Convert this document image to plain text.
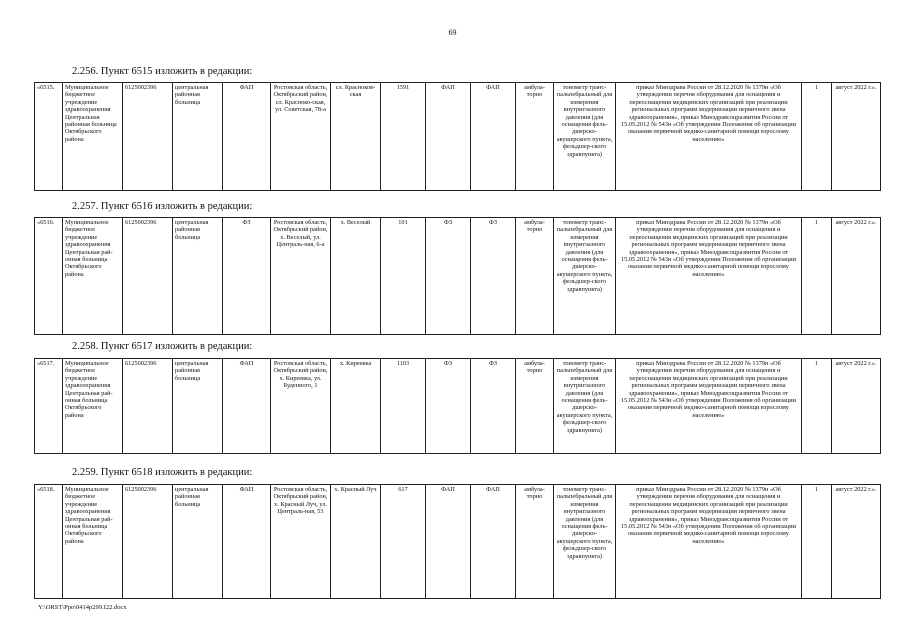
69
2.256. Пункт 6515 изложить в редакции:
«6515.	Муниципальное бюджетное учреждение здравоохранения Центральная районная больница Октябрьского района	6125002396	центральная районная больница	ФАП	Ростовская область, Октябрьский район, сл. Красноко-ская, ул. Советская, 78-а	сл. Красноков-ская	1591	ФАП	ФАП	амбула-торно	тонометр транс-пальпебральный для измерения внутриглазного давления (для оснащения фель-дшерско-акушерского пункта, фельдшер-ского здравпункта)	приказ Минздрава России от 28.12.2020 № 1379н «Об утверждении перечня оборудования для оснащения и переоснащения медицинских организаций при реализации региональных программ модернизации первичного звена здравоохранения», приказ Минздравсоцразвития России от 15.05.2012 № 543н «Об утверждении Положения об организации оказания первичной медико-санитарной помощи взрослому населению»	1	август 2022 г.».
2.257. Пункт 6516 изложить в редакции:
«6516.	Муниципальное бюджетное учреждение здравоохранения Центральная рай-онная больница Октябрьского района	6125002396	центральная районная больница	ФЗ	Ростовская область, Октябрьский район, х. Веселый, ул. Централь-ная, 6-а	х. Веселый	101	ФЗ	ФЗ	амбула-торно	тонометр транс-пальпебральный для измерения внутриглазного давления (для оснащения фель-дшерско-акушерского пункта, фельдшер-ского здравпункта)	приказ Минздрава России от 28.12.2020 № 1379н «Об утверждении перечня оборудования для оснащения и переоснащения медицинских организаций при реализации региональных программ модернизации первичного звена здравоохранения», приказ Минздравсоцразвития России от 15.05.2012 № 543н «Об утверждении Положения об организации оказания первичной медико-санитарной помощи взрослому населению»	1	август 2022 г.».
2.258. Пункт 6517 изложить в редакции:
«6517.	Муниципальное бюджетное учреждение здравоохранения Центральная рай-онная больница Октябрьского района	6125002396	центральная районная больница	ФАП	Ростовская область, Октябрьский район, х. Киреевка, ул. Буденного, 1	х. Киреевка	1103	ФЗ	ФЗ	амбула-торно	тонометр транс-пальпебральный для измерения внутриглазного давления (для оснащения фель-дшерско-акушерского пункта, фельдшер-ского здравпункта)	приказ Минздрава России от 28.12.2020 № 1379н «Об утверждении перечня оборудования для оснащения и переоснащения медицинских организаций при реализации региональных программ модернизации первичного звена здравоохранения», приказ Минздравсоцразвития России от 15.05.2012 № 543н «Об утверждении Положения об организации оказания первичной медико-санитарной помощи взрослому населению»	1	август 2022 г.».
2.259. Пункт 6518 изложить в редакции:
«6518.	Муниципальное бюджетное учреждение здравоохранения Центральная рай-онная больница Октябрьского района	6125002396	центральная районная больница	ФАП	Ростовская область, Октябрьский район, х. Красный Луч, ул. Централь-ная, 53	х. Красный Луч	617	ФАП	ФАП	амбула-торно	тонометр транс-пальпебральный для измерения внутриглазного давления (для оснащения фель-дшерско-акушерского пункта, фельдшер-ского здравпункта)	приказ Минздрава России от 28.12.2020 № 1379н «Об утверждении перечня оборудования для оснащения и переоснащения медицинских организаций при реализации региональных программ модернизации первичного звена здравоохранения», приказ Минздравсоцразвития России от 15.05.2012 № 543н «Об утверждении Положения об организации оказания первичной медико-санитарной помощи взрослому населению»	1	август 2022 г.».
Y:\ORST\Ppo\0414p299.f22.docx
